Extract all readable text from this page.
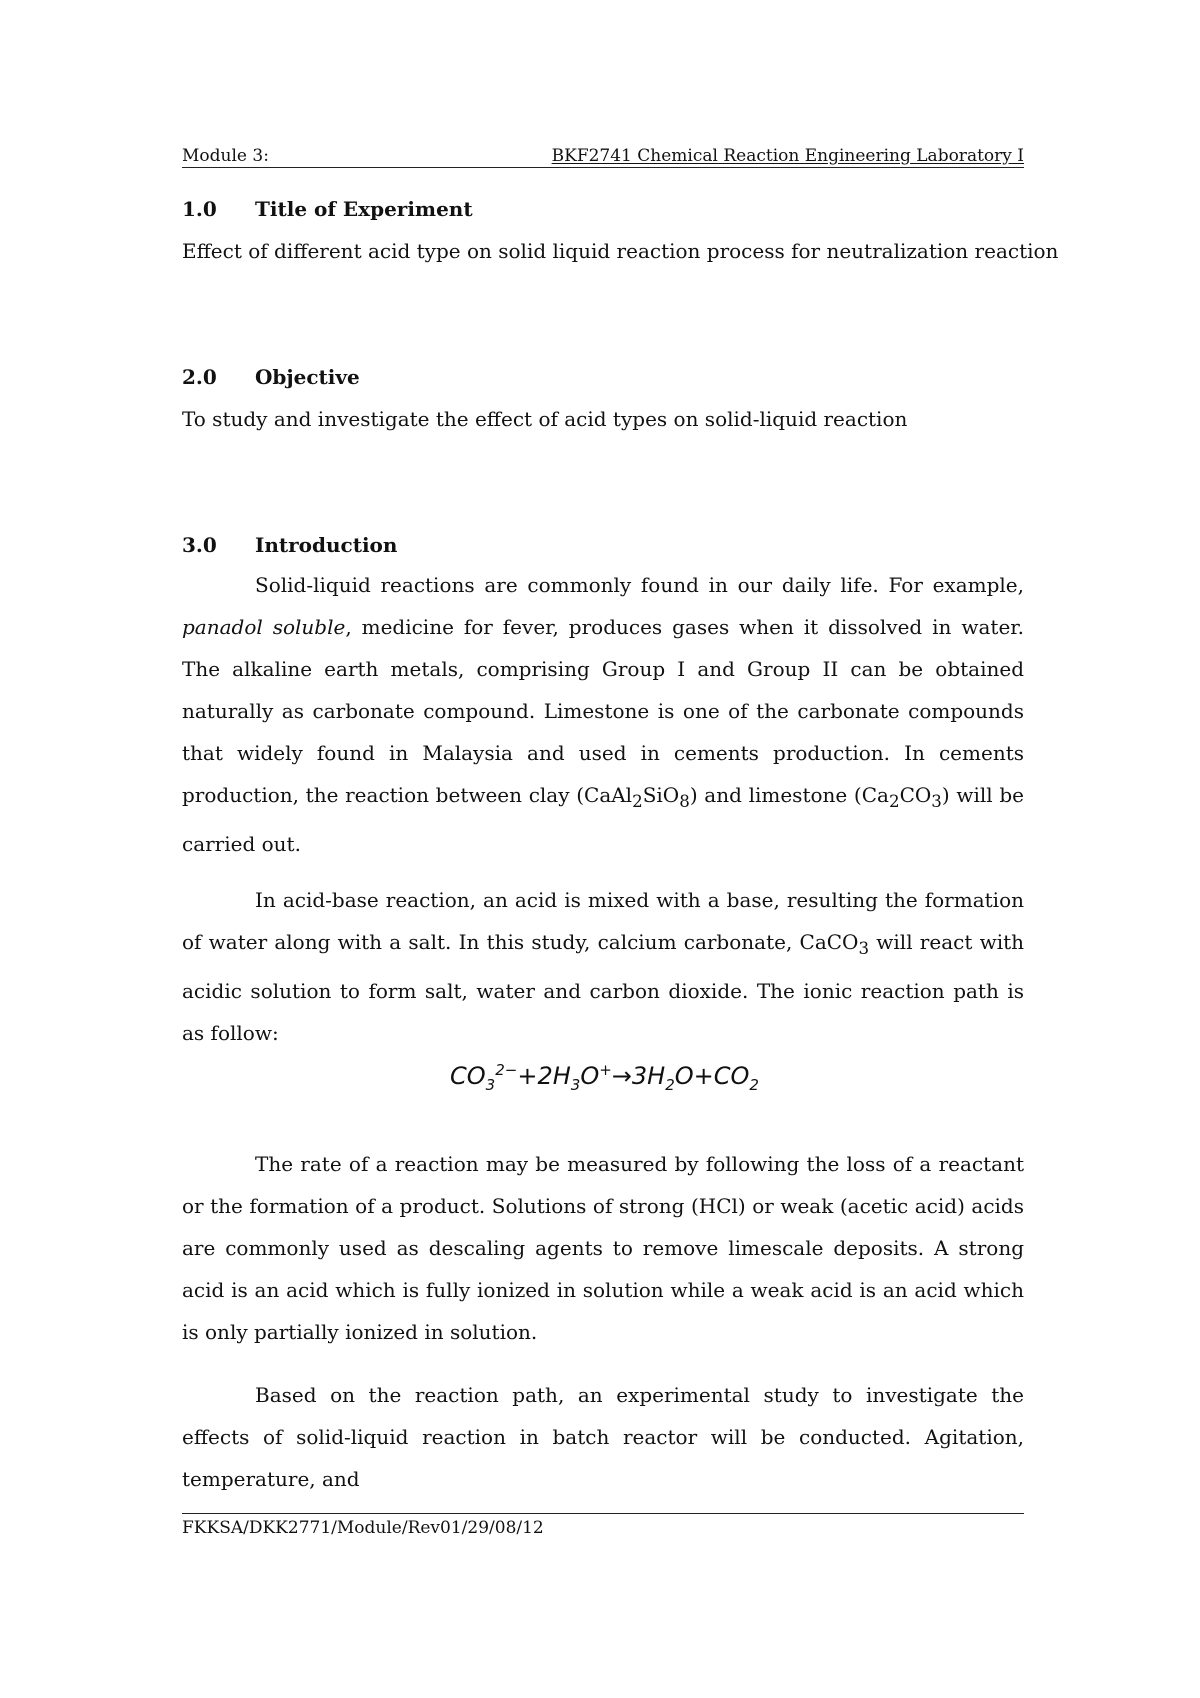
Module 3:	BKF2741 Chemical Reaction Engineering Laboratory I
1.0	Title of Experiment
Effect of different acid type on solid liquid reaction process for neutralization reaction
2.0	Objective
To study and investigate the effect of acid types on solid-liquid reaction
3.0	Introduction

Solid-liquid reactions are commonly found in our daily life. For example, panadol soluble, medicine for fever, produces gases when it dissolved in water. The alkaline earth metals, comprising Group I and Group II can be obtained naturally as carbonate compound. Limestone is one of the carbonate compounds that widely found in Malaysia and used in cements production. In cements production, the reaction between clay (CaAl$_2$SiO$_8$) and limestone $(Ca_2CO_3)$ will be carried out.

In acid-base reaction, an acid is mixed with a base, resulting the formation of water along with a salt. In this study, calcium carbonate, CaCO$_3$ will react with acidic solution to form salt, water and carbon dioxide. The ionic reaction path is as follow:

$CO_3^{2-}+2H_3O^+\to 3H_2O+CO_2$

The rate of a reaction may be measured by following the loss of a reactant or the formation of a product. Solutions of strong (HCl) or weak (acetic acid) acids are commonly used as descaling agents to remove limescale deposits. A strong acid is an acid which is fully ionized in solution while a weak acid is an acid which is only partially ionized in solution.

Based on the reaction path, an experimental study to investigate the effects of solid-liquid reaction in batch reactor will be conducted. Agitation, temperature, and

FKKSA/DKK2771/Module/Rev01/29/08/12
